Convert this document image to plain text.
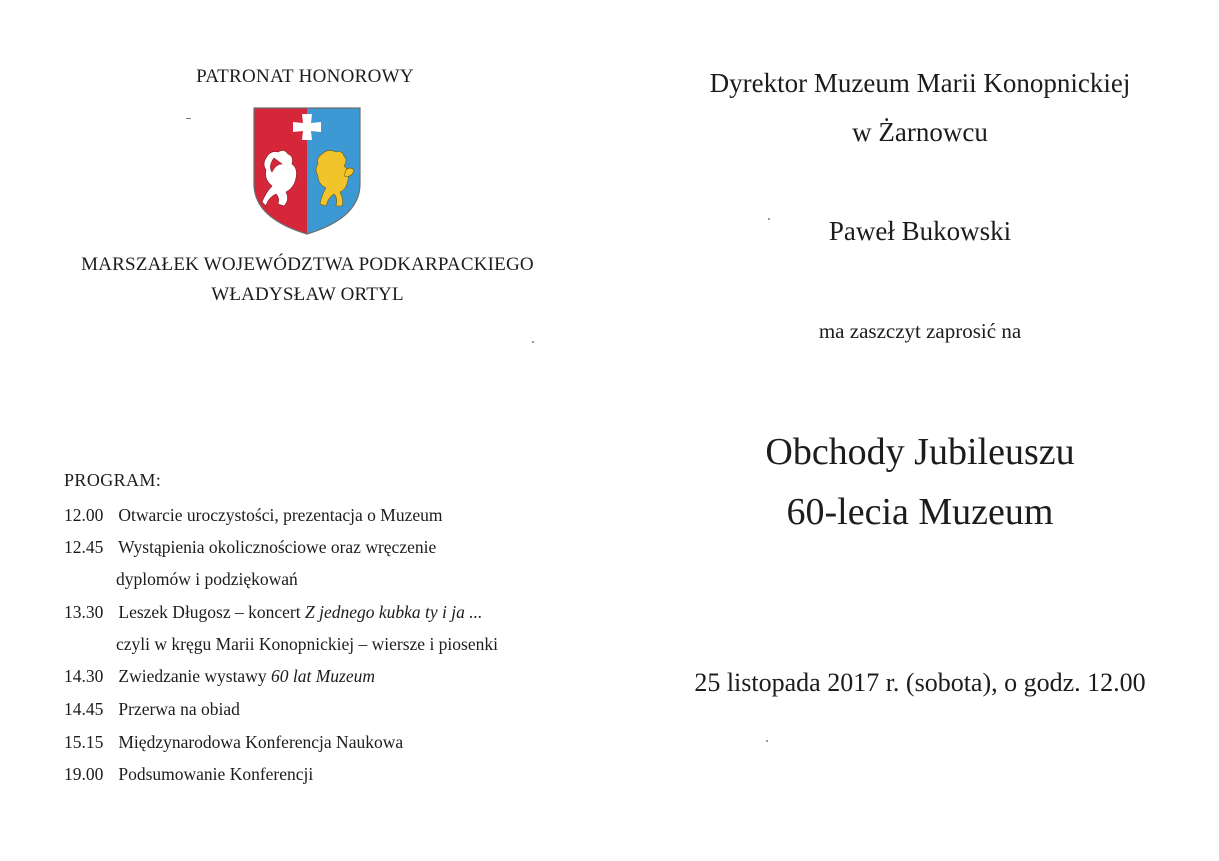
PATRONAT HONOROWY
MARSZAŁEK WOJEWÓDZTWA PODKARPACKIEGO
WŁADYSŁAW ORTYL
PROGRAM:
12.00 Otwarcie uroczystości, prezentacja o Muzeum
12.45 Wystąpienia okolicznościowe oraz wręczenie
dyplomów i podziękowań
13.30 Leszek Długosz – koncert Z jednego kubka ty i ja ...
czyli w kręgu Marii Konopnickiej – wiersze i piosenki
14.30 Zwiedzanie wystawy 60 lat Muzeum
14.45 Przerwa na obiad
15.15 Międzynarodowa Konferencja Naukowa
19.00 Podsumowanie Konferencji
Dyrektor Muzeum Marii Konopnickiej
w Żarnowcu
Paweł Bukowski
ma zaszczyt zaprosić na
Obchody Jubileuszu
60-lecia Muzeum
25 listopada 2017 r. (sobota), o godz. 12.00
